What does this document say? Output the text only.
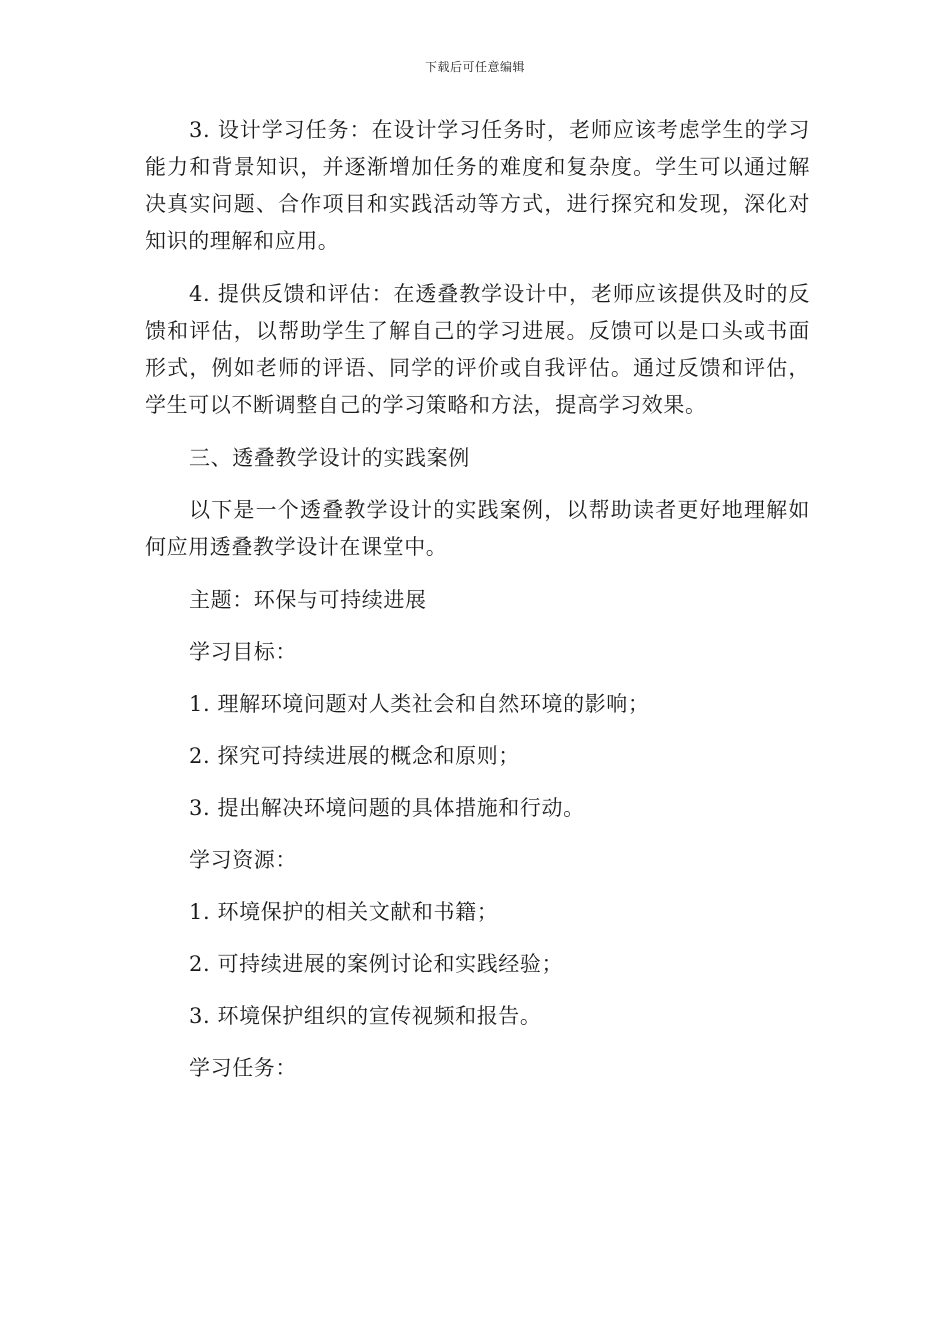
下载后可任意编辑

3. 设计学习任务：在设计学习任务时，老师应该考虑学生的学习能力和背景知识，并逐渐增加任务的难度和复杂度。学生可以通过解决真实问题、合作项目和实践活动等方式，进行探究和发现，深化对知识的理解和应用。

4. 提供反馈和评估：在透叠教学设计中，老师应该提供及时的反馈和评估，以帮助学生了解自己的学习进展。反馈可以是口头或书面形式，例如老师的评语、同学的评价或自我评估。通过反馈和评估，学生可以不断调整自己的学习策略和方法，提高学习效果。

三、透叠教学设计的实践案例

以下是一个透叠教学设计的实践案例，以帮助读者更好地理解如何应用透叠教学设计在课堂中。

主题：环保与可持续进展

学习目标：

1. 理解环境问题对人类社会和自然环境的影响；

2. 探究可持续进展的概念和原则；

3. 提出解决环境问题的具体措施和行动。

学习资源：

1. 环境保护的相关文献和书籍；

2. 可持续进展的案例讨论和实践经验；

3. 环境保护组织的宣传视频和报告。

学习任务：
